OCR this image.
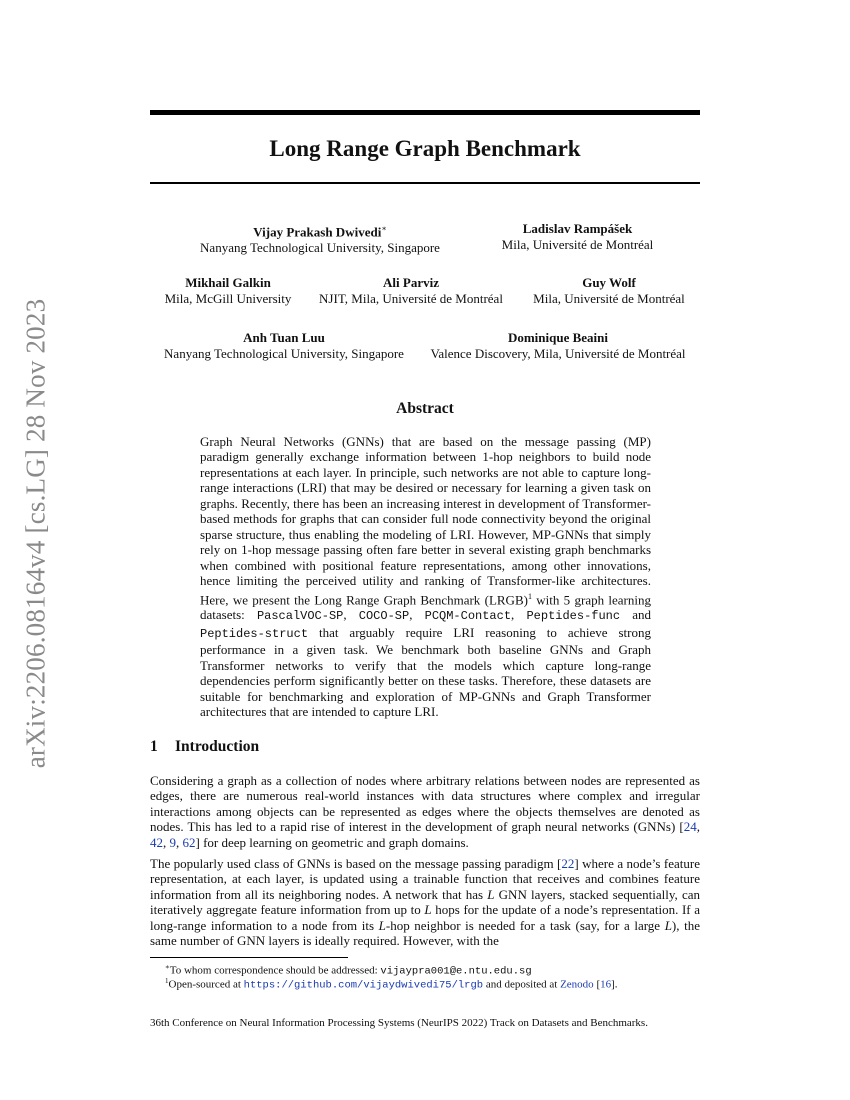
arXiv:2206.08164v4 [cs.LG] 28 Nov 2023
Long Range Graph Benchmark
Vijay Prakash Dwivedi∗
Nanyang Technological University, Singapore
Ladislav Rampášek
Mila, Université de Montréal
Mikhail Galkin
Mila, McGill University
Ali Parviz
NJIT, Mila, Université de Montréal
Guy Wolf
Mila, Université de Montréal
Anh Tuan Luu
Nanyang Technological University, Singapore
Dominique Beaini
Valence Discovery, Mila, Université de Montréal
Abstract

Graph Neural Networks (GNNs) that are based on the message passing (MP) paradigm generally exchange information between 1-hop neighbors to build node representations at each layer. In principle, such networks are not able to capture long-range interactions (LRI) that may be desired or necessary for learning a given task on graphs. Recently, there has been an increasing interest in development of Transformer-based methods for graphs that can consider full node connectivity beyond the original sparse structure, thus enabling the modeling of LRI. However, MP-GNNs that simply rely on 1-hop message passing often fare better in several existing graph benchmarks when combined with positional feature representations, among other innovations, hence limiting the perceived utility and ranking of Transformer-like architectures. Here, we present the Long Range Graph Benchmark (LRGB)$^1$ with 5 graph learning datasets: PascalVOC-SP, COCO-SP, PCQM-Contact, Peptides-func and Peptides-struct that arguably require LRI reasoning to achieve strong performance in a given task. We benchmark both baseline GNNs and Graph Transformer networks to verify that the models which capture long-range dependencies perform significantly better on these tasks. Therefore, these datasets are suitable for benchmarking and exploration of MP-GNNs and Graph Transformer architectures that are intended to capture LRI.

1 Introduction

Considering a graph as a collection of nodes where arbitrary relations between nodes are represented as edges, there are numerous real-world instances with data structures where complex and irregular interactions among objects can be represented as edges where the objects themselves are denoted as nodes. This has led to a rapid rise of interest in the development of graph neural networks (GNNs) [24, 42, 9, 62] for deep learning on geometric and graph domains.

The popularly used class of GNNs is based on the message passing paradigm [22] where a node’s feature representation, at each layer, is updated using a trainable function that receives and combines feature information from all its neighboring nodes. A network that has L GNN layers, stacked sequentially, can iteratively aggregate feature information from up to L hops for the update of a node’s representation. If a long-range information to a node from its L-hop neighbor is needed for a task (say, for a large L), the same number of GNN layers is ideally required. However, with the

∗To whom correspondence should be addressed: vijaypra001@e.ntu.edu.sg
$^1$Open-sourced at https://github.com/vijaydwivedi75/lrgb and deposited at Zenodo [16].
36th Conference on Neural Information Processing Systems (NeurIPS 2022) Track on Datasets and Benchmarks.
